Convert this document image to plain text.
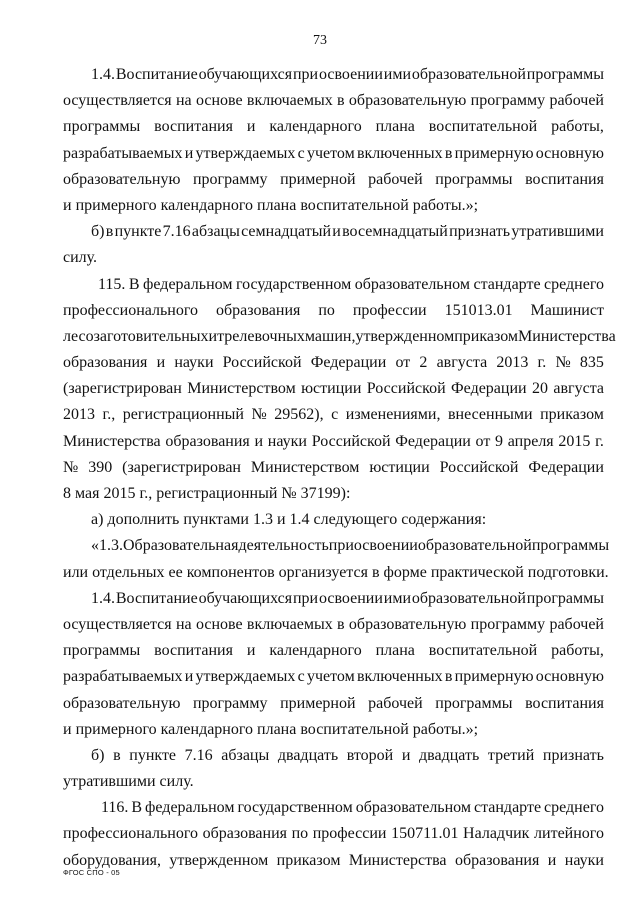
73
1.4. Воспитание обучающихся при освоении ими образовательной программы
осуществляется на основе включаемых в образовательную программу рабочей
программы воспитания и календарного плана воспитательной работы,
разрабатываемых и утверждаемых с учетом включенных в примерную основную
образовательную программу примерной рабочей программы воспитания
и примерного календарного плана воспитательной работы.»;
б) в пункте 7.16 абзацы семнадцатый и восемнадцатый признать утратившими
силу.
115. В федеральном государственном образовательном стандарте среднего
профессионального образования по профессии 151013.01 Машинист
лесозаготовительных и трелевочных машин, утвержденном приказом Министерства
образования и науки Российской Федерации от 2 августа 2013 г. № 835
(зарегистрирован Министерством юстиции Российской Федерации 20 августа
2013 г., регистрационный № 29562), с изменениями, внесенными приказом
Министерства образования и науки Российской Федерации от 9 апреля 2015 г.
№ 390 (зарегистрирован Министерством юстиции Российской Федерации
8 мая 2015 г., регистрационный № 37199):
а) дополнить пунктами 1.3 и 1.4 следующего содержания:
«1.3. Образовательная деятельность при освоении образовательной программы
или отдельных ее компонентов организуется в форме практической подготовки.
1.4. Воспитание обучающихся при освоении ими образовательной программы
осуществляется на основе включаемых в образовательную программу рабочей
программы воспитания и календарного плана воспитательной работы,
разрабатываемых и утверждаемых с учетом включенных в примерную основную
образовательную программу примерной рабочей программы воспитания
и примерного календарного плана воспитательной работы.»;
б) в пункте 7.16 абзацы двадцать второй и двадцать третий признать
утратившими силу.
116. В федеральном государственном образовательном стандарте среднего
профессионального образования по профессии 150711.01 Наладчик литейного
оборудования, утвержденном приказом Министерства образования и науки
ФГОС СПО - 05
